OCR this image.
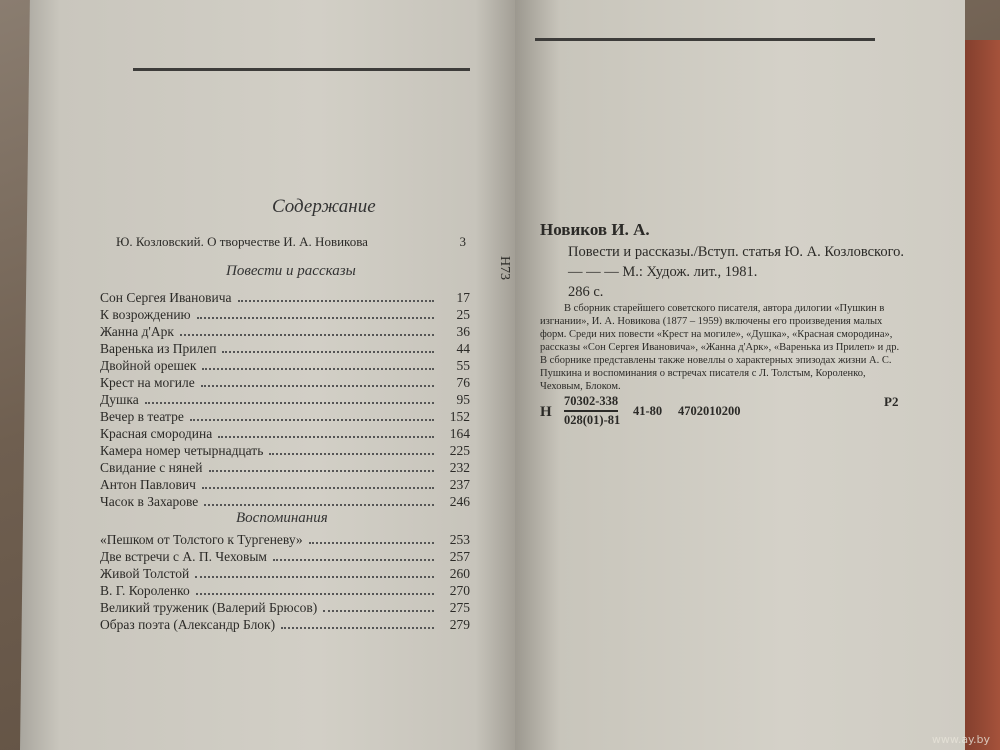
Содержание
Ю. Козловский. О творчестве И. А. Новикова	3
Повести и рассказы
Сон Сергея Ивановича	17
К возрождению	25
Жанна д'Арк	36
Варенька из Прилеп	44
Двойной орешек	55
Крест на могиле	76
Душка	95
Вечер в театре	152
Красная смородина	164
Камера номер четырнадцать	225
Свидание с няней	232
Антон Павлович	237
Часок в Захарове	246
Воспоминания
«Пешком от Толстого к Тургеневу»	253
Две встречи с А. П. Чеховым	257
Живой Толстой	260
В. Г. Короленко	270
Великий труженик (Валерий Брюсов)	275
Образ поэта (Александр Блок)	279
Новиков И. А.
Н73
Повести и рассказы./Вступ. статья Ю. А. Козловского. — — — М.: Худож. лит., 1981.
286 с.
В сборник старейшего советского писателя, автора дилогии «Пушкин в изгнании», И. А. Новикова (1877 – 1959) включены его произведения малых форм. Среди них повести «Крест на могиле», «Душка», «Красная смородина», рассказы «Сон Сергея Ивановича», «Жанна д'Арк», «Варенька из Прилеп» и др. В сборнике представлены также новеллы о характерных эпизодах жизни А. С. Пушкина и воспоминания о встречах писателя с Л. Толстым, Короленко, Чеховым, Блоком.
Н
70302-338
028(01)-81
41-80 4702010200
Р2
www.ay.by
